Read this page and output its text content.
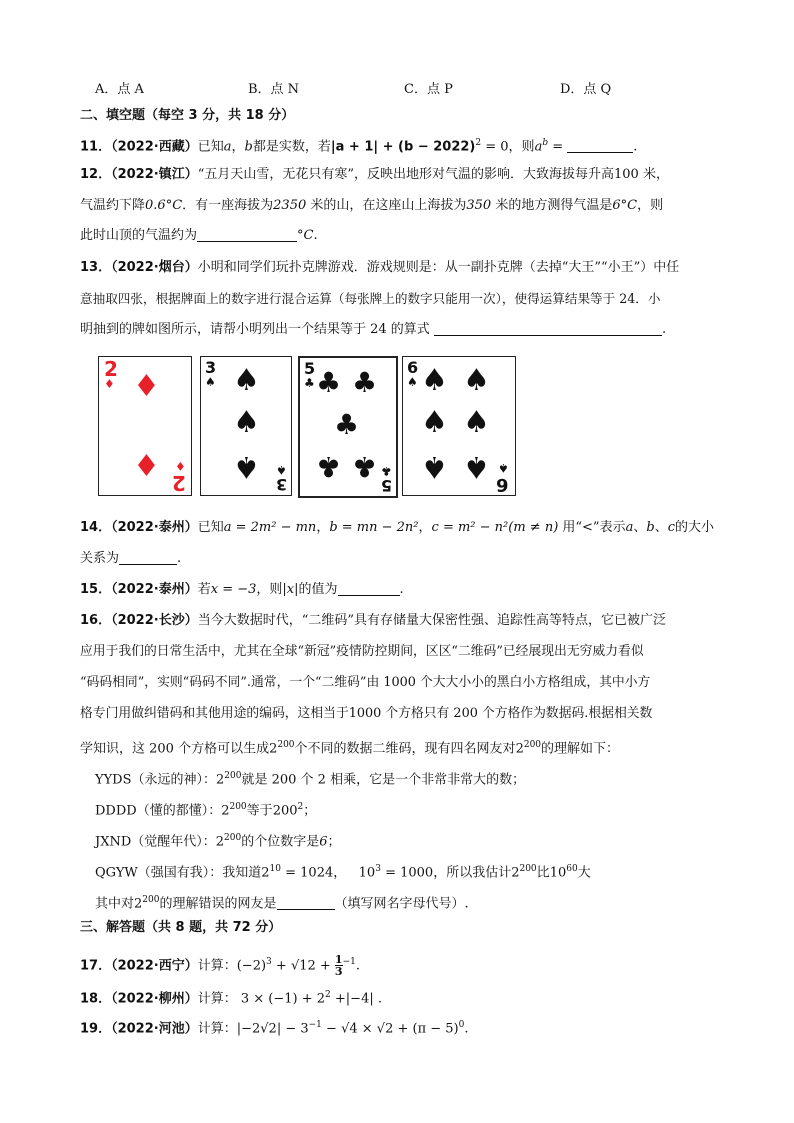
A．点 A	B．点 N	C．点 P	D．点 Q
二、填空题（每空 3 分，共 18 分）
11．（2022·西藏）已知a，b都是实数，若$|a + 1| + (b - 2022)^2 = 0$，则$a^b$ =	.
12．（2022·镇江）“五月天山雪，无花只有寒”，反映出地形对气温的影响．大致海拔每升高100 米，
气温约下降0.6°C．有一座海拔为2350 米的山，在这座山上海拔为350 米的地方测得气温是6°C，则
此时山顶的气温约为	°C.
13．（2022·烟台）小明和同学们玩扑克牌游戏．游戏规则是：从一副扑克牌（去掉“大王”“小王”）中任
意抽取四张，根据牌面上的数字进行混合运算（每张牌上的数字只能用一次），使得运算结果等于 24．小
明抽到的牌如图所示，请帮小明列出一个结果等于 24 的算式	.
2
♦ ♦
♦ 2
♦
3
♠ ♠
♠
♠
3
♠
5
♣ ♣ ♣
♣
♣ ♣
5
♣
6
♠ ♠ ♠
♠ ♠
♠ ♠
6
♠
14．（2022·泰州）已知a = 2m² − mn，b = mn − 2n²，c = m² − n²(m ≠ n) 用“<”表示a、b、c的大小
关系为	.
15．（2022·泰州）若x = −3，则|x|的值为	.
16．（2022·长沙）当今大数据时代，“二维码”具有存储量大保密性强、追踪性高等特点，它已被广泛
应用于我们的日常生活中，尤其在全球“新冠”疫情防控期间，区区“二维码”已经展现出无穷威力看似
“码码相同”，实则“码码不同”.通常，一个“二维码”由 1000 个大大小小的黑白小方格组成，其中小方
格专门用做纠错码和其他用途的编码，这相当于1000 个方格只有 200 个方格作为数据码.根据相关数
学知识，这 200 个方格可以生成$2^{200}$个不同的数据二维码，现有四名网友对$2^{200}$的理解如下：
YYDS（永远的神）：$2^{200}$就是 200 个 2 相乘，它是一个非常非常大的数；
DDDD（懂的都懂）：$2^{200}$等于$200^2$；
JXND（觉醒年代）：$2^{200}$的个位数字是6；
QGYW（强国有我）：我知道$2^{10} = 1024$，   $10^3 = 1000$，所以我估计$2^{200}$比$10^{60}$大
其中对$2^{200}$的理解错误的网友是	（填写网名字母代号）.
三、解答题（共 8 题，共 72 分）
17．（2022·西宁）计算：$(-2)^3 + √12 + \frac{1}{3} ^{-1}$.
18．（2022·柳州）计算： $3 \times (-1) + 2^2 +|-4|$ .
19．（2022·河池）计算：$|-2√2| - 3^{-1} - √4 \times √2 + (\pi - 5)^0$.
